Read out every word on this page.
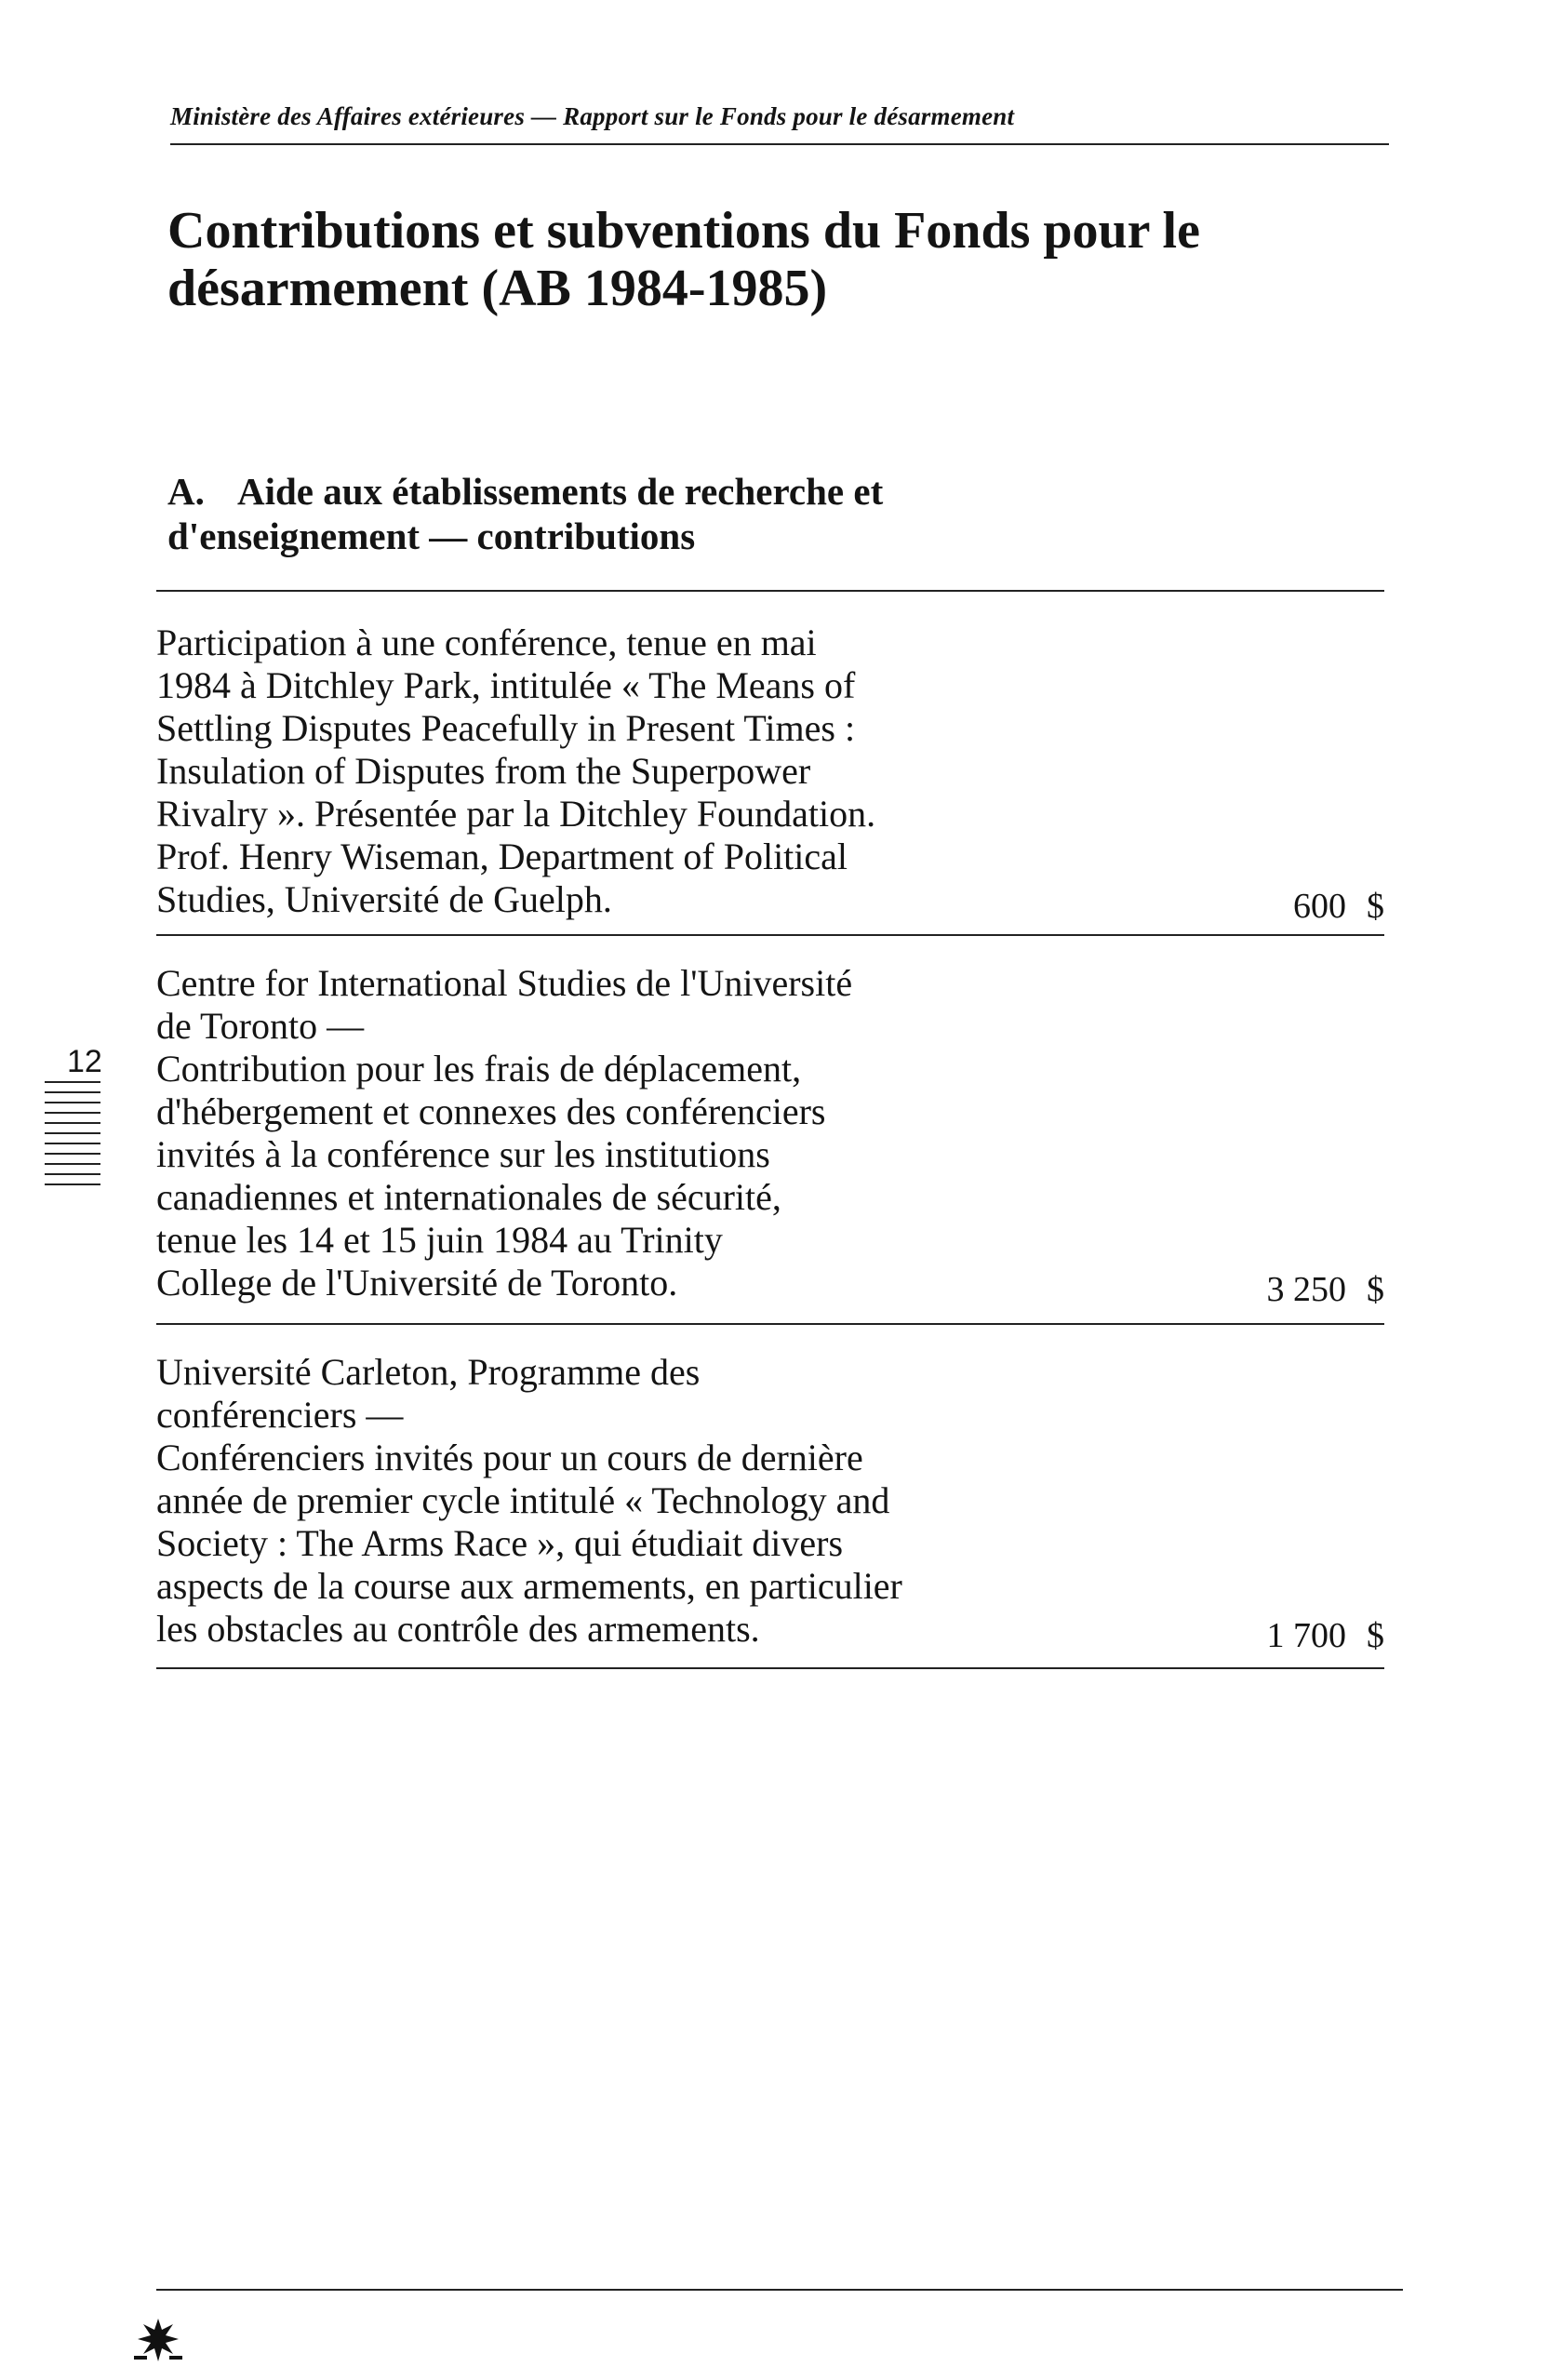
Ministère des Affaires extérieures — Rapport sur le Fonds pour le désarmement
Contributions et subventions du Fonds pour le désarmement (AB 1984-1985)
A. Aide aux établissements de recherche et d'enseignement — contributions
Participation à une conférence, tenue en mai
1984 à Ditchley Park, intitulée « The Means of
Settling Disputes Peacefully in Present Times :
Insulation of Disputes from the Superpower
Rivalry ». Présentée par la Ditchley Foundation.
Prof. Henry Wiseman, Department of Political
Studies, Université de Guelph.	600 $
Centre for International Studies de l'Université
de Toronto —
Contribution pour les frais de déplacement,
d'hébergement et connexes des conférenciers
invités à la conférence sur les institutions
canadiennes et internationales de sécurité,
tenue les 14 et 15 juin 1984 au Trinity
College de l'Université de Toronto.	3 250 $
Université Carleton, Programme des
conférenciers —
Conférenciers invités pour un cours de dernière
année de premier cycle intitulé « Technology and
Society : The Arms Race », qui étudiait divers
aspects de la course aux armements, en particulier
les obstacles au contrôle des armements.	1 700 $
12
